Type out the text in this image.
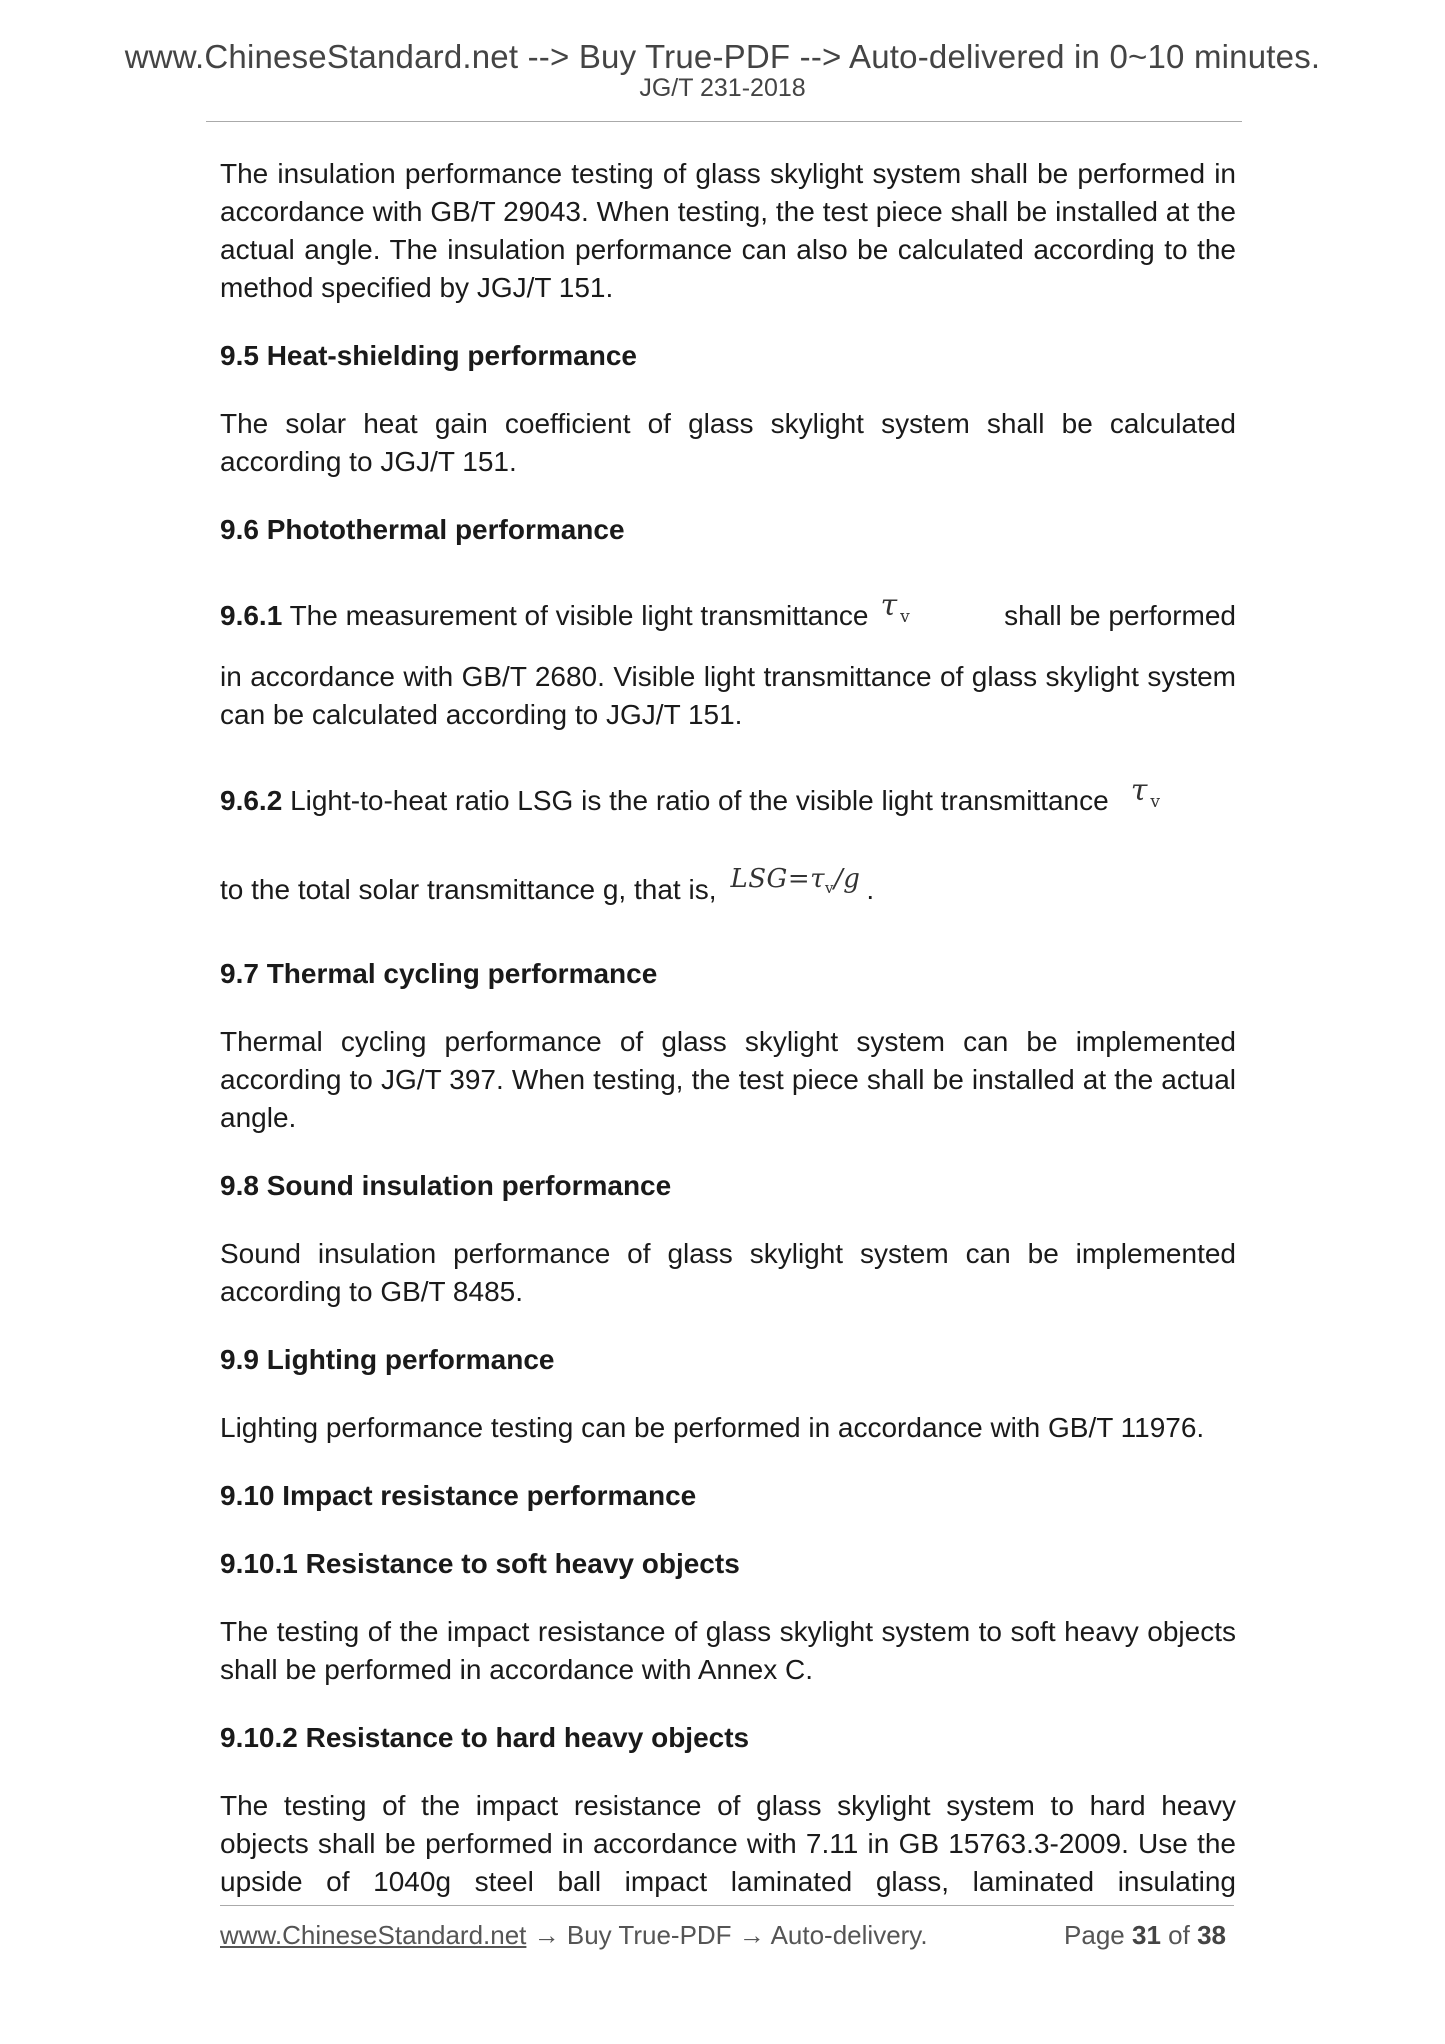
www.ChineseStandard.net --> Buy True-PDF --> Auto-delivered in 0~10 minutes.
JG/T 231-2018

The insulation performance testing of glass skylight system shall be performed in accordance with GB/T 29043. When testing, the test piece shall be installed at the actual angle. The insulation performance can also be calculated according to the method specified by JGJ/T 151.

9.5 Heat-shielding performance

The solar heat gain coefficient of glass skylight system shall be calculated according to JGJ/T 151.

9.6 Photothermal performance

9.6.1 The measurement of visible light transmittance τ $_v$	shall be performed

in accordance with GB/T 2680. Visible light transmittance of glass skylight system can be calculated according to JGJ/T 151.

9.6.2 Light-to-heat ratio LSG is the ratio of the visible light transmittance τ $_v$
to the total solar transmittance g, that is, $LSG=\tau_v/g$ .

9.7 Thermal cycling performance

Thermal cycling performance of glass skylight system can be implemented according to JG/T 397. When testing, the test piece shall be installed at the actual angle.

9.8 Sound insulation performance

Sound insulation performance of glass skylight system can be implemented according to GB/T 8485.

9.9 Lighting performance

Lighting performance testing can be performed in accordance with GB/T 11976.

9.10 Impact resistance performance

9.10.1 Resistance to soft heavy objects

The testing of the impact resistance of glass skylight system to soft heavy objects shall be performed in accordance with Annex C.

9.10.2 Resistance to hard heavy objects

The testing of the impact resistance of glass skylight system to hard heavy objects shall be performed in accordance with 7.11 in GB 15763.3-2009. Use the upside of 1040g steel ball impact laminated glass, laminated insulating

www.ChineseStandard.net → Buy True-PDF → Auto-delivery.	Page 31 of 38
